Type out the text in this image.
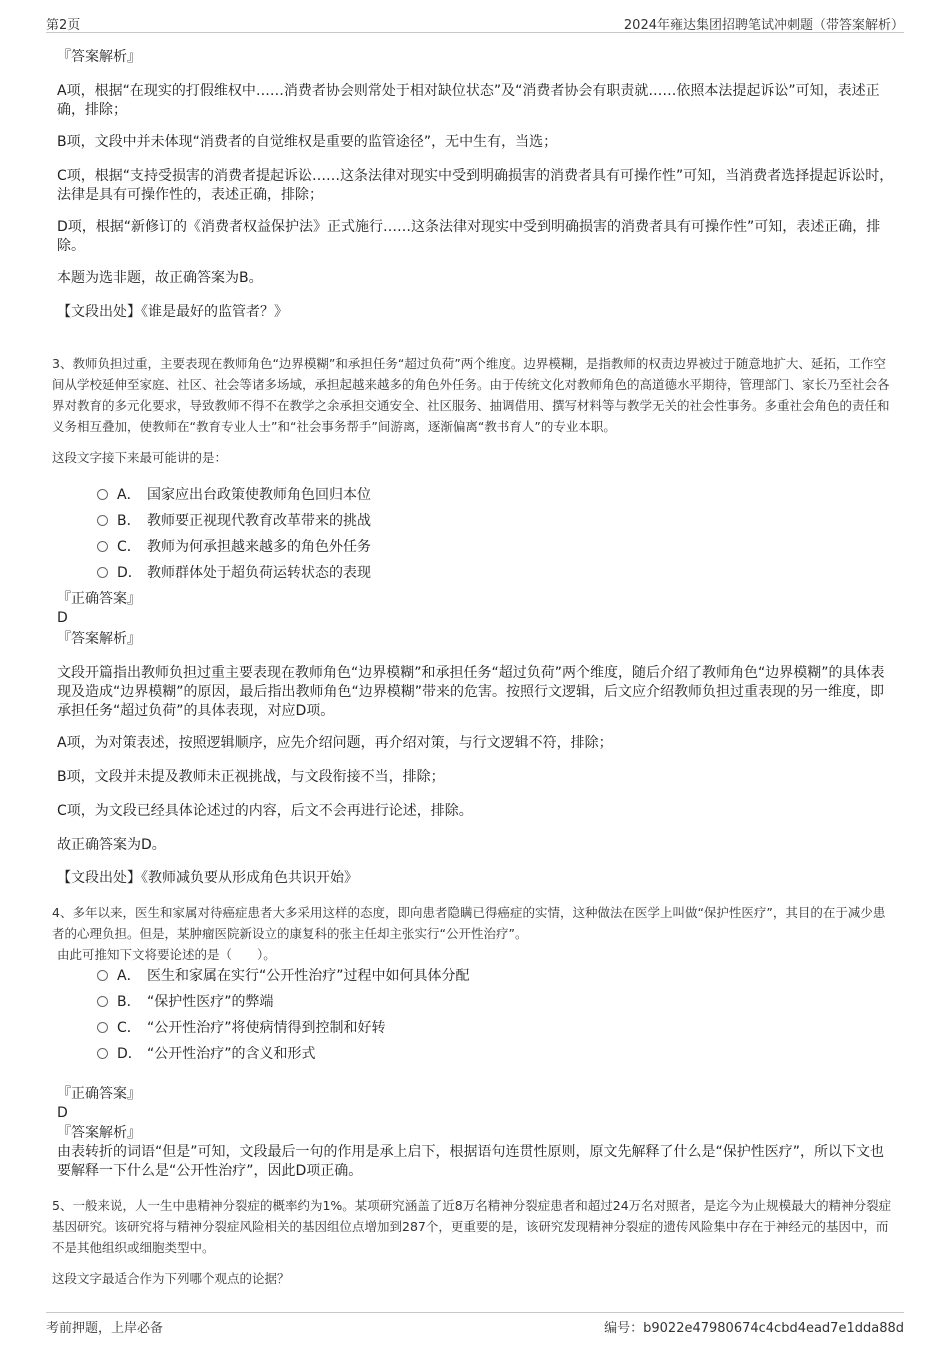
第2页	2024年雍达集团招聘笔试冲刺题（带答案解析）
『答案解析』
A项，根据“在现实的打假维权中……消费者协会则常处于相对缺位状态”及“消费者协会有职责就……依照本法提起诉讼”可知，表述正确，排除；
B项，文段中并未体现“消费者的自觉维权是重要的监管途径”，无中生有，当选；
C项，根据“支持受损害的消费者提起诉讼……这条法律对现实中受到明确损害的消费者具有可操作性”可知，当消费者选择提起诉讼时，法律是具有可操作性的，表述正确，排除；
D项，根据“新修订的《消费者权益保护法》正式施行……这条法律对现实中受到明确损害的消费者具有可操作性”可知，表述正确，排除。
本题为选非题，故正确答案为B。
【文段出处】《谁是最好的监管者？》
3、教师负担过重，主要表现在教师角色“边界模糊”和承担任务“超过负荷”两个维度。边界模糊，是指教师的权责边界被过于随意地扩大、延拓，工作空间从学校延伸至家庭、社区、社会等诸多场域，承担起越来越多的角色外任务。由于传统文化对教师角色的高道德水平期待，管理部门、家长乃至社会各界对教育的多元化要求，导致教师不得不在教学之余承担交通安全、社区服务、抽调借用、撰写材料等与教学无关的社会性事务。多重社会角色的责任和义务相互叠加，使教师在“教育专业人士”和“社会事务帮手”间游离，逐渐偏离“教书育人”的专业本职。
这段文字接下来最可能讲的是：
A． 国家应出台政策使教师角色回归本位
B． 教师要正视现代教育改革带来的挑战
C． 教师为何承担越来越多的角色外任务
D． 教师群体处于超负荷运转状态的表现
『正确答案』
D
『答案解析』
文段开篇指出教师负担过重主要表现在教师角色“边界模糊”和承担任务“超过负荷”两个维度，随后介绍了教师角色“边界模糊”的具体表现及造成“边界模糊”的原因，最后指出教师角色“边界模糊”带来的危害。按照行文逻辑，后文应介绍教师负担过重表现的另一维度，即承担任务“超过负荷”的具体表现，对应D项。
A项，为对策表述，按照逻辑顺序，应先介绍问题，再介绍对策，与行文逻辑不符，排除；
B项，文段并未提及教师未正视挑战，与文段衔接不当，排除；
C项，为文段已经具体论述过的内容，后文不会再进行论述，排除。
故正确答案为D。
【文段出处】《教师减负要从形成角色共识开始》
4、多年以来，医生和家属对待癌症患者大多采用这样的态度，即向患者隐瞒已得癌症的实情，这种做法在医学上叫做“保护性医疗”，其目的在于减少患者的心理负担。但是，某肿瘤医院新设立的康复科的张主任却主张实行“公开性治疗”。
由此可推知下文将要论述的是（　　）。
A． 医生和家属在实行“公开性治疗”过程中如何具体分配
B． “保护性医疗”的弊端
C． “公开性治疗”将使病情得到控制和好转
D． “公开性治疗”的含义和形式
『正确答案』
D
『答案解析』
由表转折的词语“但是”可知，文段最后一句的作用是承上启下，根据语句连贯性原则，原文先解释了什么是“保护性医疗”，所以下文也要解释一下什么是“公开性治疗”，因此D项正确。
5、一般来说，人一生中患精神分裂症的概率约为1%。某项研究涵盖了近8万名精神分裂症患者和超过24万名对照者，是迄今为止规模最大的精神分裂症基因研究。该研究将与精神分裂症风险相关的基因组位点增加到287个，更重要的是，该研究发现精神分裂症的遗传风险集中存在于神经元的基因中，而不是其他组织或细胞类型中。
这段文字最适合作为下列哪个观点的论据？
考前押题，上岸必备	编号：b9022e47980674c4cbd4ead7e1dda88d
